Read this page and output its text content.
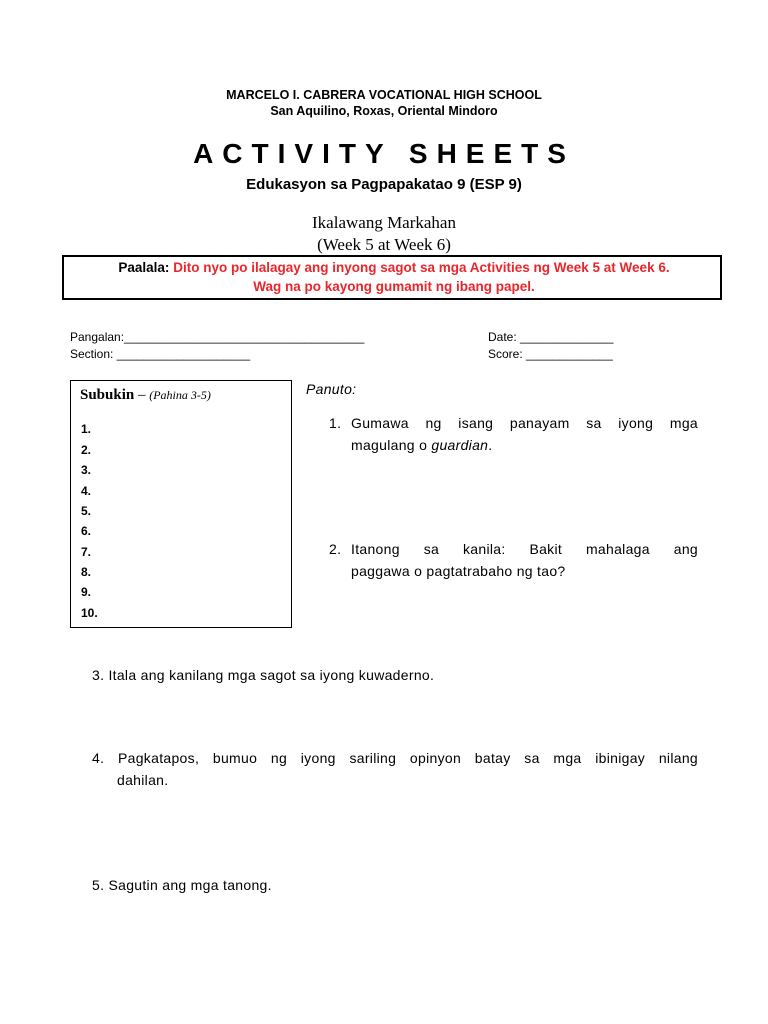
MARCELO I. CABRERA VOCATIONAL HIGH SCHOOL
San Aquilino, Roxas, Oriental Mindoro
ACTIVITY SHEETS
Edukasyon sa Pagpapakatao 9 (ESP 9)
Ikalawang Markahan
(Week 5 at Week 6)
Paalala: Dito nyo po ilalagay ang inyong sagot sa mga Activities ng Week 5 at Week 6.
Wag na po kayong gumamit ng ibang papel.
Pangalan:____________________________________
Section: ____________________
Date: ______________
Score: _____________
Subukin – (Pahina 3-5)
1.
2.
3.
4.
5.
6.
7.
8.
9.
10.
Panuto:
1. Gumawa ng isang panayam sa iyong mga
magulang o guardian.
2. Itanong sa kanila: Bakit mahalaga ang
paggawa o pagtatrabaho ng tao?
3. Itala ang kanilang mga sagot sa iyong kuwaderno.
4. Pagkatapos, bumuo ng iyong sariling opinyon batay sa mga ibinigay nilang
dahilan.
5. Sagutin ang mga tanong.
